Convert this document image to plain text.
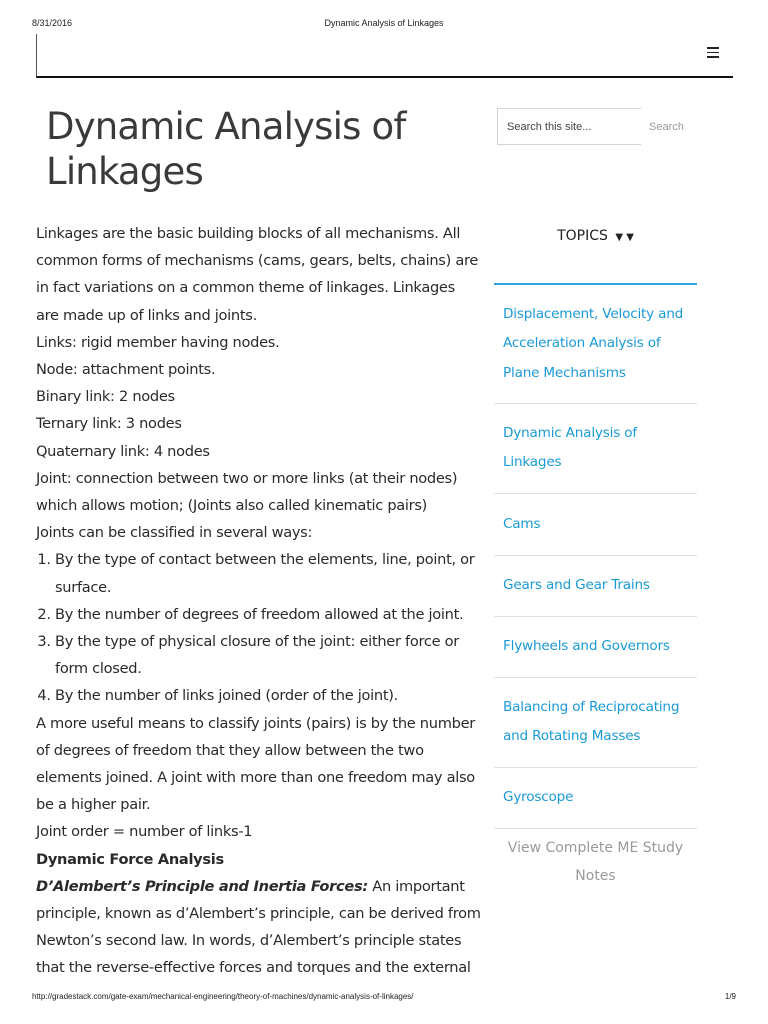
8/31/2016	Dynamic Analysis of Linkages
Dynamic Analysis of Linkages

Linkages are the basic building blocks of all mechanisms. All common forms of mechanisms (cams, gears, belts, chains) are in fact variations on a common theme of linkages. Linkages are made up of links and joints.

Links: rigid member having nodes.

Node: attachment points.

Binary link: 2 nodes

Ternary link: 3 nodes

Quaternary link: 4 nodes

Joint: connection between two or more links (at their nodes) which allows motion; (Joints also called kinematic pairs)

Joints can be classified in several ways:

1. By the type of contact between the elements, line, point, or surface.
2. By the number of degrees of freedom allowed at the joint.
3. By the type of physical closure of the joint: either force or form closed.
4. By the number of links joined (order of the joint).

A more useful means to classify joints (pairs) is by the number of degrees of freedom that they allow between the two elements joined. A joint with more than one freedom may also be a higher pair.

Joint order = number of links-1

Dynamic Force Analysis

D’Alembert’s Principle and Inertia Forces: An important principle, known as d’Alembert’s principle, can be derived from Newton’s second law. In words, d’Alembert’s principle states that the reverse-effective forces and torques and the external

Search this site...
Search
TOPICS ▼ ▼
Displacement, Velocity and Acceleration Analysis of Plane Mechanisms
Dynamic Analysis of Linkages
Cams
Gears and Gear Trains
Flywheels and Governors
Balancing of Reciprocating and Rotating Masses
Gyroscope
View Complete ME Study Notes
http://gradestack.com/gate-exam/mechanical-engineering/theory-of-machines/dynamic-analysis-of-linkages/	1/9
